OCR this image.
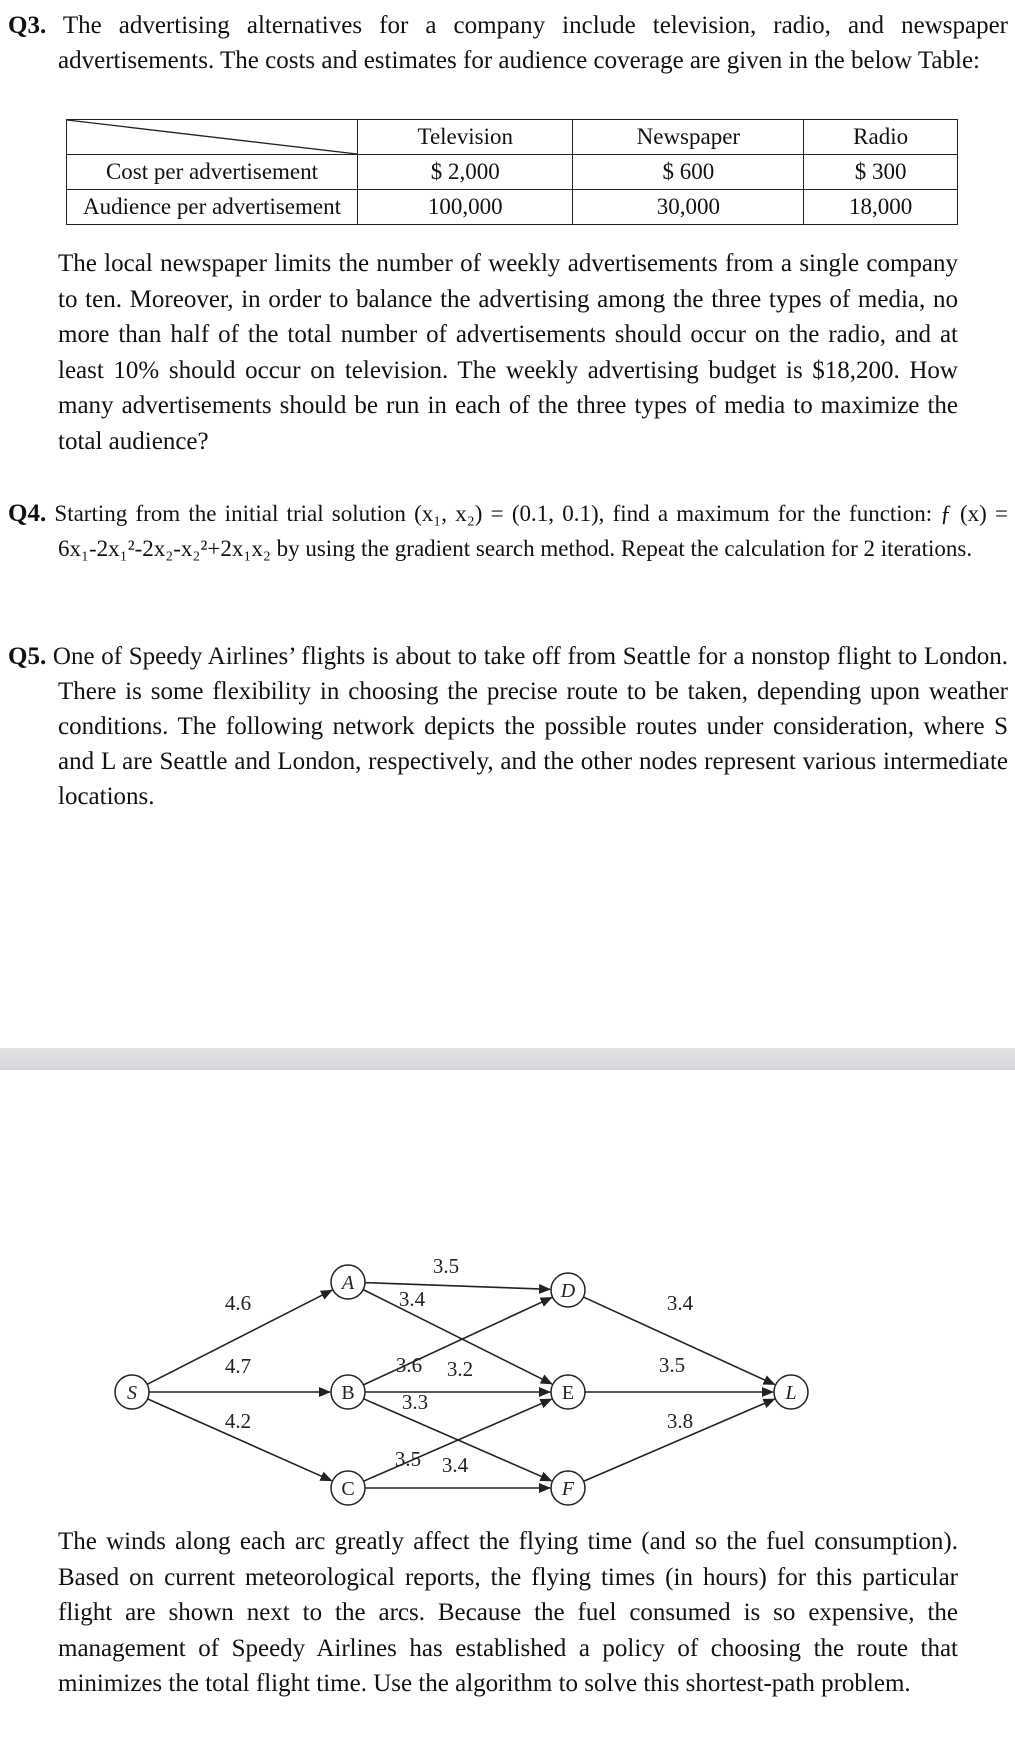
Q3. The advertising alternatives for a company include television, radio, and newspaper advertisements. The costs and estimates for audience coverage are given in the below Table:
	Television	Newspaper	Radio
Cost per advertisement	$ 2,000	$ 600	$ 300
Audience per advertisement	100,000	30,000	18,000
The local newspaper limits the number of weekly advertisements from a single company to ten. Moreover, in order to balance the advertising among the three types of media, no more than half of the total number of advertisements should occur on the radio, and at least 10% should occur on television. The weekly advertising budget is $18,200. How many advertisements should be run in each of the three types of media to maximize the total audience?
Q4. Starting from the initial trial solution (x₁, x₂) = (0.1, 0.1), find a maximum for the function: ƒ (x) = 6x₁-2x₁²-2x₂-x₂²+2x₁x₂ by using the gradient search method. Repeat the calculation for 2 iterations.
Q5. One of Speedy Airlines’ flights is about to take off from Seattle for a nonstop flight to London. There is some flexibility in choosing the precise route to be taken, depending upon weather conditions. The following network depicts the possible routes under consideration, where S and L are Seattle and London, respectively, and the other nodes represent various intermediate locations.
S
A
B
C
D
E
F
L
4.6
4.7
4.2
3.5
3.4
3.6 3.2
3.3
3.5 3.4
3.4
3.5
3.8
The winds along each arc greatly affect the flying time (and so the fuel consumption). Based on current meteorological reports, the flying times (in hours) for this particular flight are shown next to the arcs. Because the fuel consumed is so expensive, the management of Speedy Airlines has established a policy of choosing the route that minimizes the total flight time. Use the algorithm to solve this shortest-path problem.
